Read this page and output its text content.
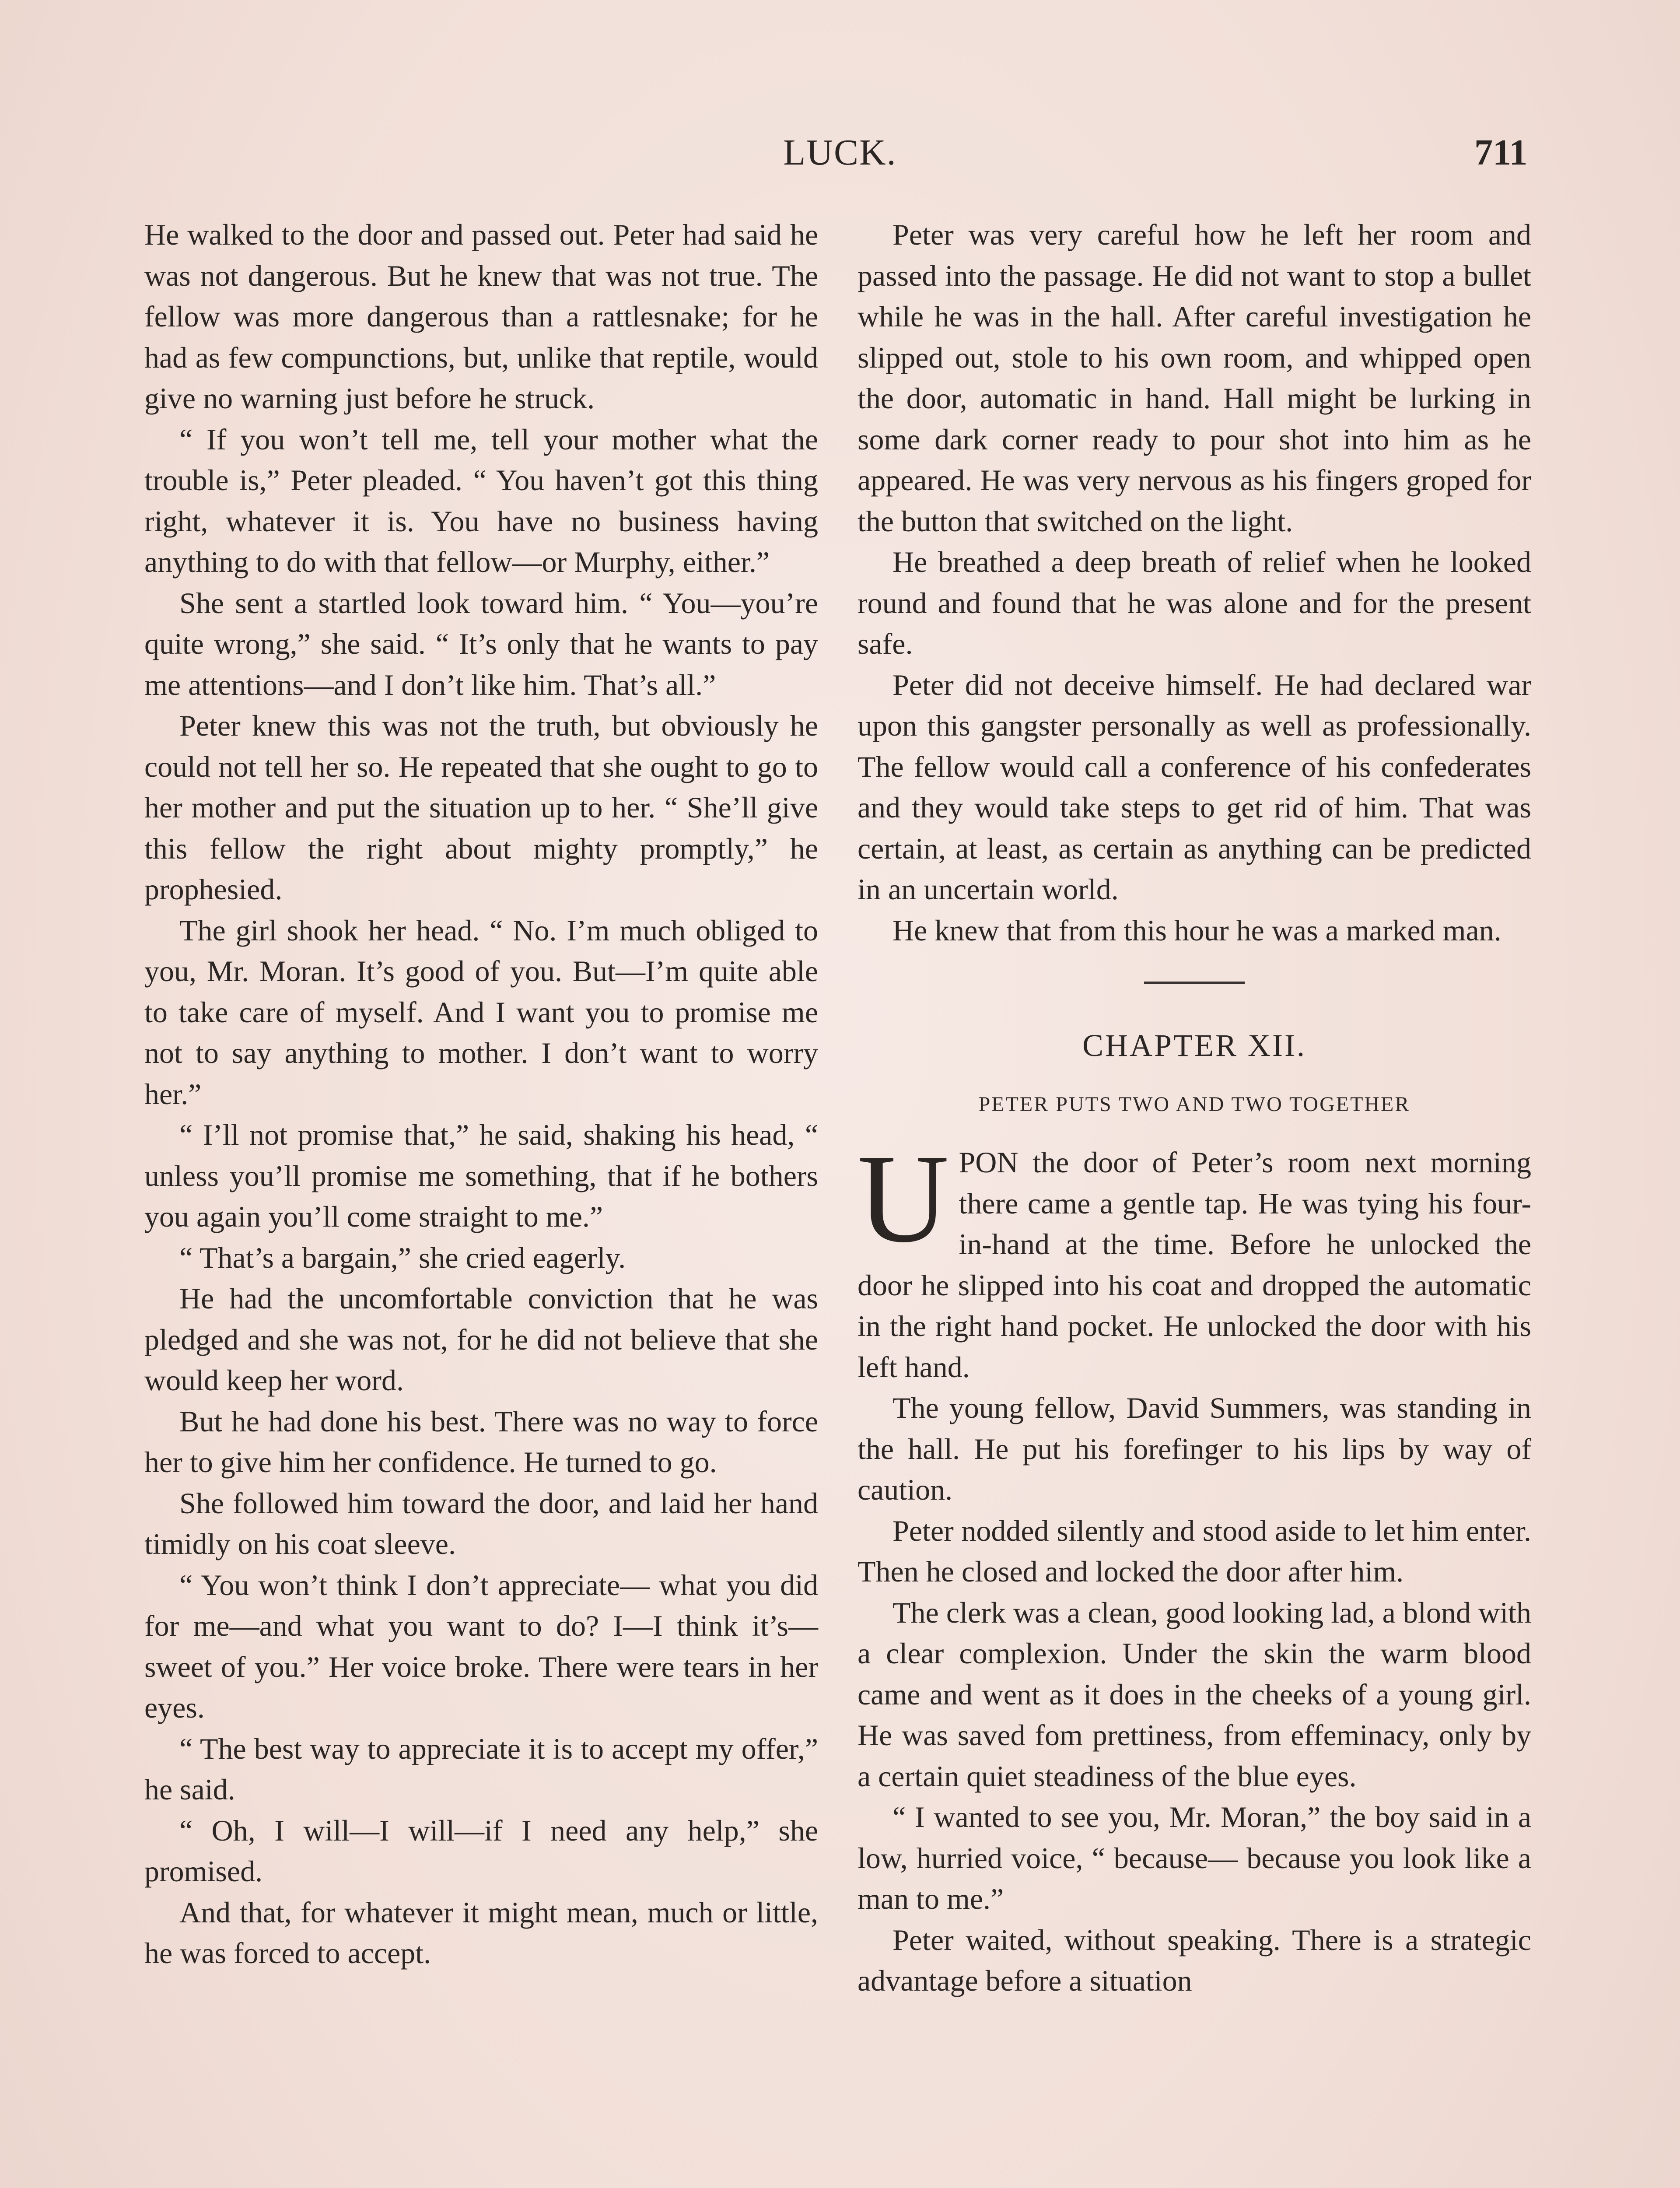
LUCK.	711

He walked to the door and passed out. Peter had said he was not dangerous. But he knew that was not true. The fellow was more dangerous than a rattlesnake; for he had as few compunctions, but, unlike that reptile, would give no warning just before he struck.

“ If you won’t tell me, tell your mother what the trouble is,” Peter pleaded. “ You haven’t got this thing right, whatever it is. You have no business having anything to do with that fellow—or Murphy, either.”

She sent a startled look toward him. “ You—you’re quite wrong,” she said. “ It’s only that he wants to pay me attentions—and I don’t like him. That’s all.”

Peter knew this was not the truth, but obviously he could not tell her so. He repeated that she ought to go to her mother and put the situation up to her. “ She’ll give this fellow the right about mighty promptly,” he prophesied.

The girl shook her head. “ No. I’m much obliged to you, Mr. Moran. It’s good of you. But—I’m quite able to take care of myself. And I want you to promise me not to say anything to mother. I don’t want to worry her.”

“ I’ll not promise that,” he said, shaking his head, “ unless you’ll promise me something, that if he bothers you again you’ll come straight to me.”

“ That’s a bargain,” she cried eagerly.

He had the uncomfortable conviction that he was pledged and she was not, for he did not believe that she would keep her word.

But he had done his best. There was no way to force her to give him her confidence. He turned to go.

She followed him toward the door, and laid her hand timidly on his coat sleeve.

“ You won’t think I don’t appreciate— what you did for me—and what you want to do? I—I think it’s—sweet of you.” Her voice broke. There were tears in her eyes.

“ The best way to appreciate it is to accept my offer,” he said.

“ Oh, I will—I will—if I need any help,” she promised.

And that, for whatever it might mean, much or little, he was forced to accept.

Peter was very careful how he left her room and passed into the passage. He did not want to stop a bullet while he was in the hall. After careful investigation he slipped out, stole to his own room, and whipped open the door, automatic in hand. Hall might be lurking in some dark corner ready to pour shot into him as he appeared. He was very nervous as his fingers groped for the button that switched on the light.

He breathed a deep breath of relief when he looked round and found that he was alone and for the present safe.

Peter did not deceive himself. He had declared war upon this gangster personally as well as professionally. The fellow would call a conference of his confederates and they would take steps to get rid of him. That was certain, at least, as certain as anything can be predicted in an uncertain world.

He knew that from this hour he was a marked man.

CHAPTER XII.
PETER PUTS TWO AND TWO TOGETHER

UPON the door of Peter’s room next morning there came a gentle tap. He was tying his four-in-hand at the time. Before he unlocked the door he slipped into his coat and dropped the automatic in the right hand pocket. He unlocked the door with his left hand.

The young fellow, David Summers, was standing in the hall. He put his forefinger to his lips by way of caution.

Peter nodded silently and stood aside to let him enter. Then he closed and locked the door after him.

The clerk was a clean, good looking lad, a blond with a clear complexion. Under the skin the warm blood came and went as it does in the cheeks of a young girl. He was saved fom prettiness, from effeminacy, only by a certain quiet steadiness of the blue eyes.

“ I wanted to see you, Mr. Moran,” the boy said in a low, hurried voice, “ because— because you look like a man to me.”

Peter waited, without speaking. There is a strategic advantage before a situation
